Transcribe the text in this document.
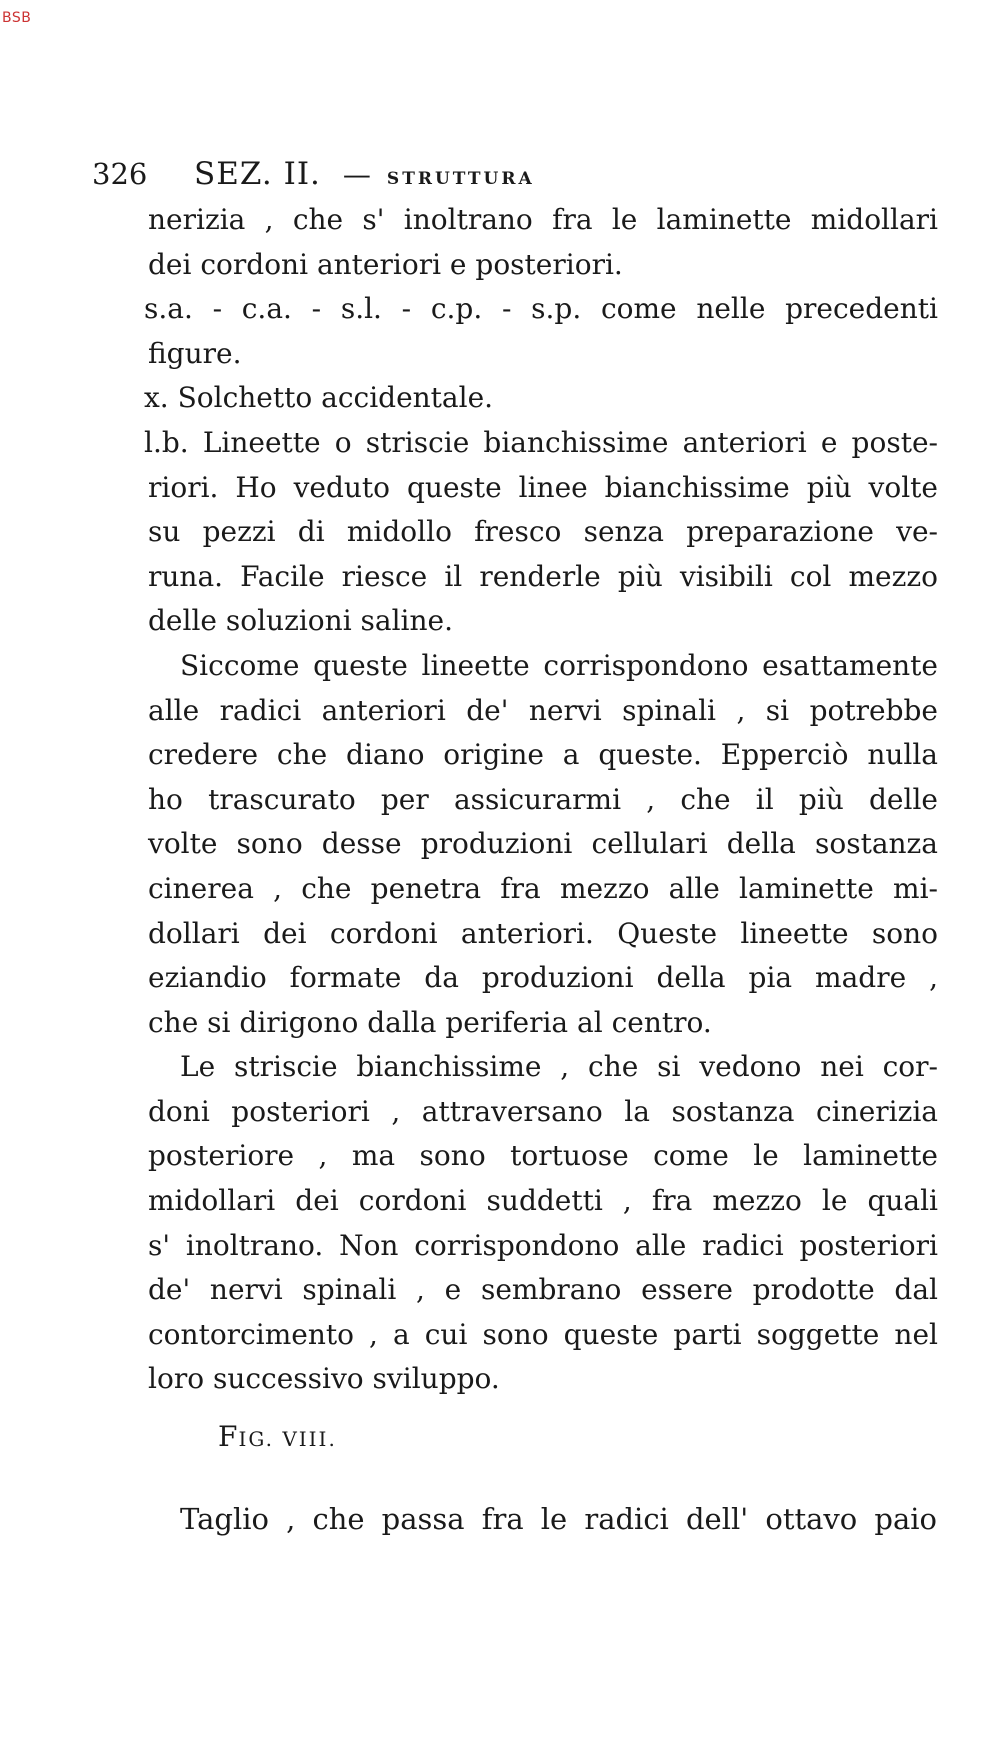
BSB
326 SEZ. II. — STRUTTURA
nerizia , che s' inoltrano fra le laminette midollari
dei cordoni anteriori e posteriori.
s.a. - c.a. - s.l. - c.p. - s.p. come nelle precedenti
figure.
x. Solchetto accidentale.
l.b. Lineette o striscie bianchissime anteriori e poste-
riori. Ho veduto queste linee bianchissime più volte
su pezzi di midollo fresco senza preparazione ve-
runa. Facile riesce il renderle più visibili col mezzo
delle soluzioni saline.
Siccome queste lineette corrispondono esattamente
alle radici anteriori de' nervi spinali , si potrebbe
credere che diano origine a queste. Epperciò nulla
ho trascurato per assicurarmi , che il più delle
volte sono desse produzioni cellulari della sostanza
cinerea , che penetra fra mezzo alle laminette mi-
dollari dei cordoni anteriori. Queste lineette sono
eziandio formate da produzioni della pia madre ,
che si dirigono dalla periferia al centro.
Le striscie bianchissime , che si vedono nei cor-
doni posteriori , attraversano la sostanza cinerizia
posteriore , ma sono tortuose come le laminette
midollari dei cordoni suddetti , fra mezzo le quali
s' inoltrano. Non corrispondono alle radici posteriori
de' nervi spinali , e sembrano essere prodotte dal
contorcimento , a cui sono queste parti soggette nel
loro successivo sviluppo.
FIG. VIII.
Taglio , che passa fra le radici dell' ottavo paio
